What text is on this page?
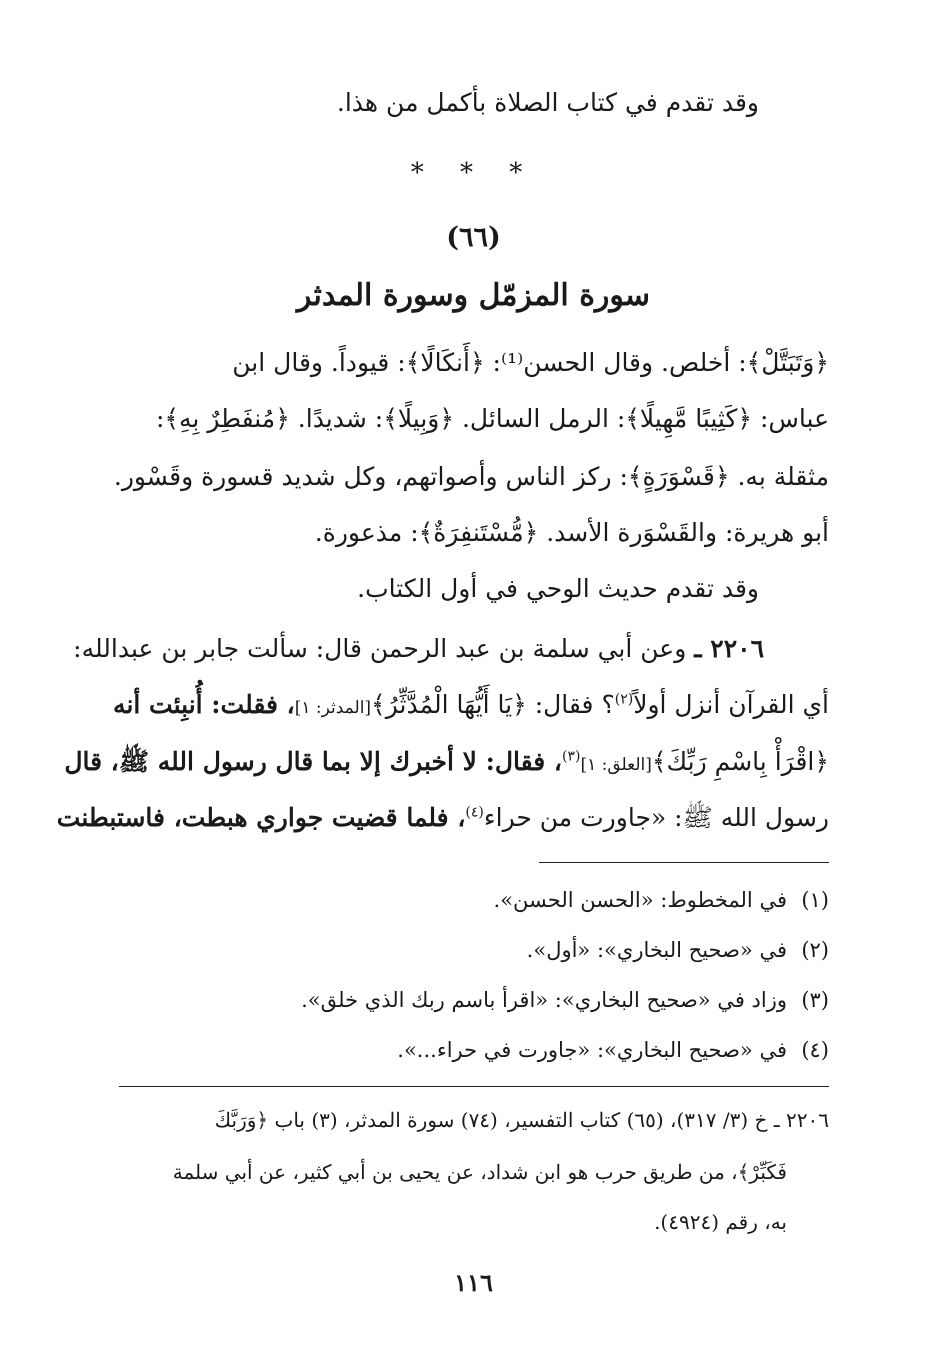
وقد تقدم في كتاب الصلاة بأكمل من هذا.
* * *
(٦٦)
سورة المزمّل وسورة المدثر
﴿وَتَبَتَّلْ﴾: أخلص. وقال الحسن⁽¹⁾: ﴿أَنكَالًا﴾: قيوداً. وقال ابن
عباس: ﴿كَثِيبًا مَّهِيلًا﴾: الرمل السائل. ﴿وَبِيلًا﴾: شديدًا. ﴿مُنفَطِرٌ بِهِ﴾:
مثقلة به. ﴿قَسْوَرَةٍ﴾: ركز الناس وأصواتهم، وكل شديد قسورة وقَسْور.
أبو هريرة: والقَسْوَرة الأسد. ﴿مُّسْتَنفِرَةٌ﴾: مذعورة.
وقد تقدم حديث الوحي في أول الكتاب.
٢٢٠٦ ـ وعن أبي سلمة بن عبد الرحمن قال: سألت جابر بن عبدالله:
أي القرآن أنزل أولاً$^{(٢)}$؟ فقال: ﴿يَا أَيُّهَا الْمُدَّثِّرُ﴾[المدثر: ١]، فقلت: أُنبِئت أنه
﴿اقْرَأْ بِاسْمِ رَبِّكَ﴾[العلق: ١]$^{(٣)}$، فقال: لا أخبرك إلا بما قال رسول الله ﷺ، قال
رسول الله ﷺ: «جاورت من حراء$^{(٤)}$، فلما قضيت جواري هبطت، فاستبطنت
(١)في المخطوط: «الحسن الحسن».
(٢)في «صحيح البخاري»: «أول».
(٣)وزاد في «صحيح البخاري»: «اقرأ باسم ربك الذي خلق».
(٤)في «صحيح البخاري»: «جاورت في حراء...».
٢٢٠٦ ـ خ (٣/ ٣١٧)، (٦٥) كتاب التفسير، (٧٤) سورة المدثر، (٣) باب ﴿وَرَبَّكَ
فَكَبِّرْ﴾، من طريق حرب هو ابن شداد، عن يحيى بن أبي كثير، عن أبي سلمة
به، رقم (٤٩٢٤).
١١٦
